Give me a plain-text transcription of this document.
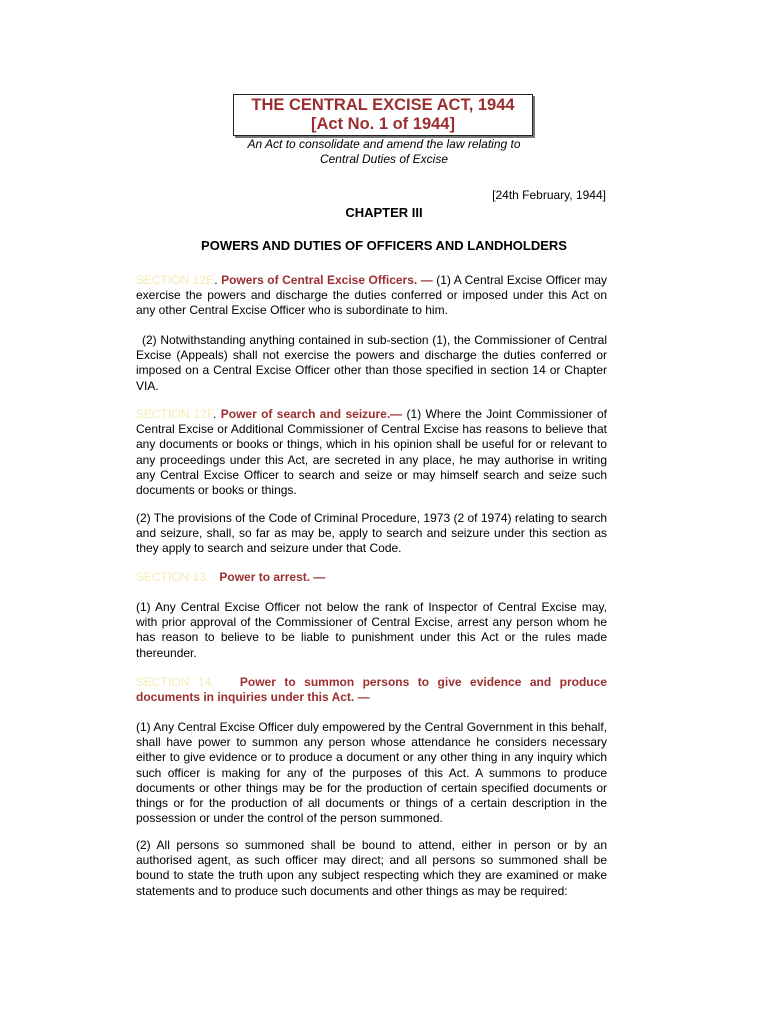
THE CENTRAL EXCISE ACT, 1944
[Act No. 1 of 1944]
An Act to consolidate and amend the law relating to
Central Duties of Excise
[24th February, 1944]
CHAPTER III
POWERS AND DUTIES OF OFFICERS AND LANDHOLDERS

SECTION 12E. Powers of Central Excise Officers. — (1) A Central Excise Officer may exercise the powers and discharge the duties conferred or imposed under this Act on any other Central Excise Officer who is subordinate to him.

(2) Notwithstanding anything contained in sub-section (1), the Commissioner of Central Excise (Appeals) shall not exercise the powers and discharge the duties conferred or imposed on a Central Excise Officer other than those specified in section 14 or Chapter VIA.

SECTION 12F. Power of search and seizure.— (1) Where the Joint Commissioner of Central Excise or Additional Commissioner of Central Excise has reasons to believe that any documents or books or things, which in his opinion shall be useful for or relevant to any proceedings under this Act, are secreted in any place, he may authorise in writing any Central Excise Officer to search and seize or may himself search and seize such documents or books or things.

(2) The provisions of the Code of Criminal Procedure, 1973 (2 of 1974) relating to search and seizure, shall, so far as may be, apply to search and seizure under this section as they apply to search and seizure under that Code.

SECTION 13. Power to arrest. —

(1) Any Central Excise Officer not below the rank of Inspector of Central Excise may, with prior approval of the Commissioner of Central Excise, arrest any person whom he has reason to believe to be liable to punishment under this Act or the rules made thereunder.

SECTION 14. Power to summon persons to give evidence and produce documents in inquiries under this Act. —

(1) Any Central Excise Officer duly empowered by the Central Government in this behalf, shall have power to summon any person whose attendance he considers necessary either to give evidence or to produce a document or any other thing in any inquiry which such officer is making for any of the purposes of this Act. A summons to produce documents or other things may be for the production of certain specified documents or things or for the production of all documents or things of a certain description in the possession or under the control of the person summoned.

(2) All persons so summoned shall be bound to attend, either in person or by an authorised agent, as such officer may direct; and all persons so summoned shall be bound to state the truth upon any subject respecting which they are examined or make statements and to produce such documents and other things as may be required:
